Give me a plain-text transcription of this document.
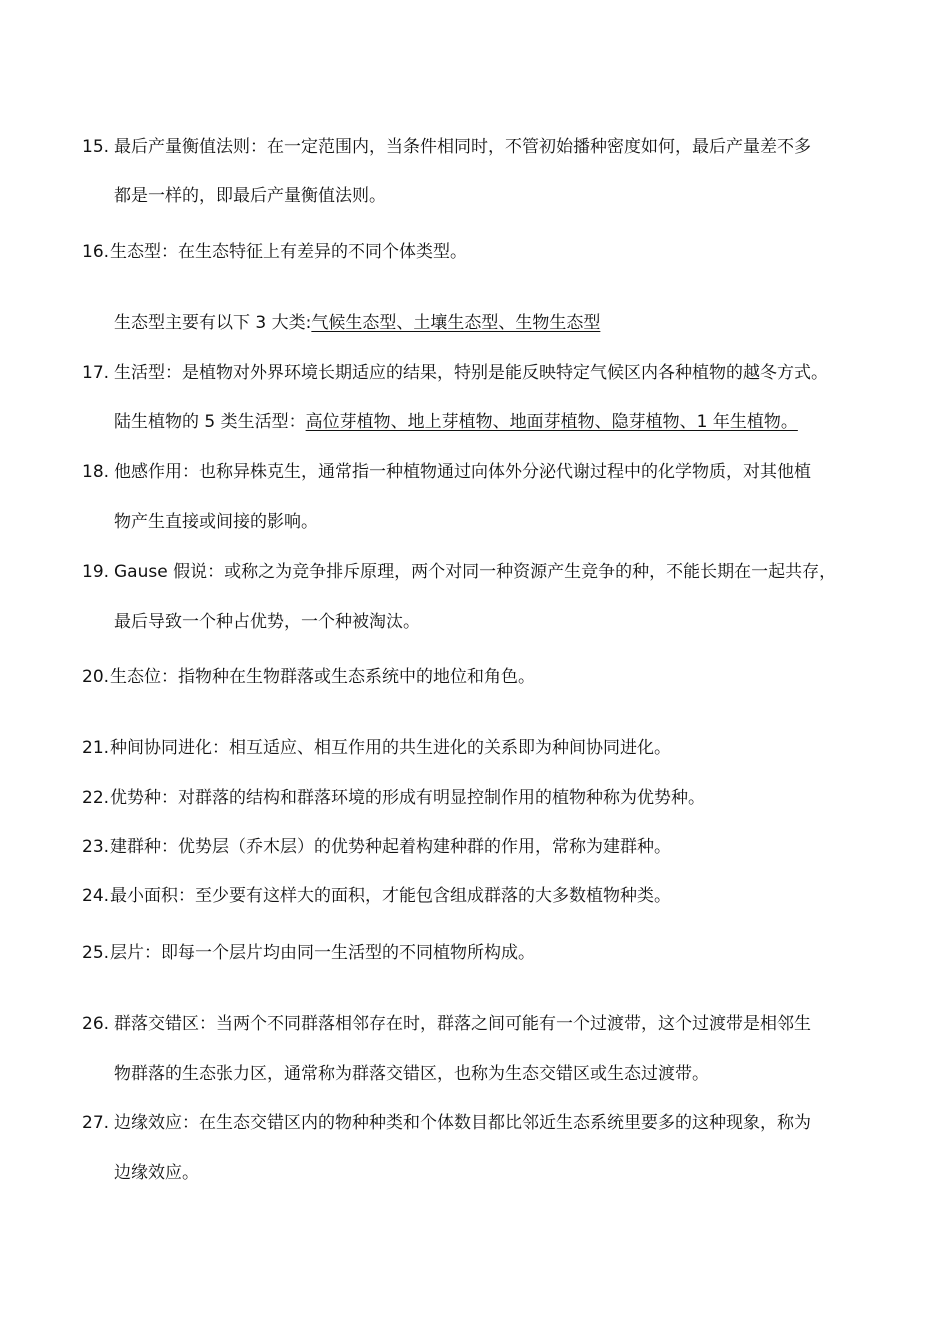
15. 最后产量衡值法则：在一定范围内，当条件相同时，不管初始播种密度如何，最后产量差不多
都是一样的，即最后产量衡值法则。
16. 生态型：在生态特征上有差异的不同个体类型。
生态型主要有以下 3 大类:气候生态型、土壤生态型、生物生态型
17. 生活型：是植物对外界环境长期适应的结果，特别是能反映特定气候区内各种植物的越冬方式。
陆生植物的 5 类生活型：高位芽植物、地上芽植物、地面芽植物、隐芽植物、1 年生植物。
18. 他感作用：也称异株克生，通常指一种植物通过向体外分泌代谢过程中的化学物质，对其他植
物产生直接或间接的影响。
19. Gause 假说：或称之为竞争排斥原理，两个对同一种资源产生竞争的种，不能长期在一起共存，
最后导致一个种占优势，一个种被淘汰。
20. 生态位：指物种在生物群落或生态系统中的地位和角色。
21. 种间协同进化：相互适应、相互作用的共生进化的关系即为种间协同进化。
22. 优势种：对群落的结构和群落环境的形成有明显控制作用的植物种称为优势种。
23. 建群种：优势层（乔木层）的优势种起着构建种群的作用，常称为建群种。
24. 最小面积：至少要有这样大的面积，才能包含组成群落的大多数植物种类。
25. 层片：即每一个层片均由同一生活型的不同植物所构成。
26. 群落交错区：当两个不同群落相邻存在时，群落之间可能有一个过渡带，这个过渡带是相邻生
物群落的生态张力区，通常称为群落交错区，也称为生态交错区或生态过渡带。
27. 边缘效应：在生态交错区内的物种种类和个体数目都比邻近生态系统里要多的这种现象，称为
边缘效应。
